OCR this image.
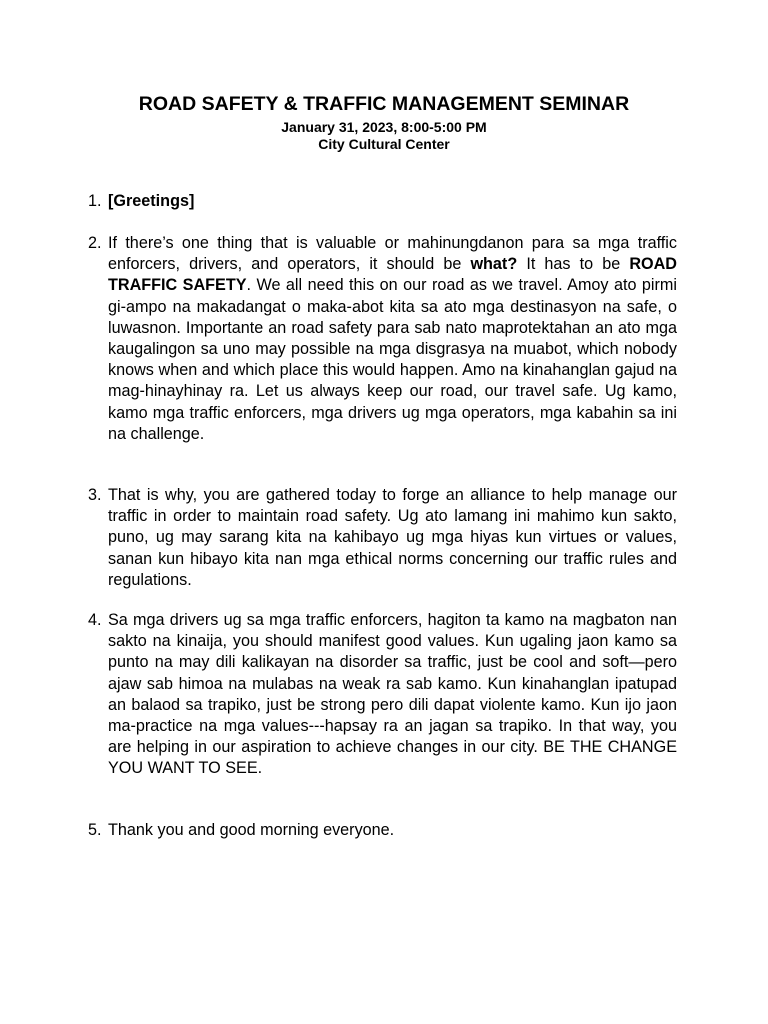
ROAD SAFETY & TRAFFIC MANAGEMENT SEMINAR

January 31, 2023, 8:00-5:00 PM

City Cultural Center

1. [Greetings]
2. If there’s one thing that is valuable or mahinungdanon para sa mga traffic enforcers, drivers, and operators, it should be what? It has to be ROAD TRAFFIC SAFETY. We all need this on our road as we travel. Amoy ato pirmi gi-ampo na makadangat o maka-abot kita sa ato mga destinasyon na safe, o luwasnon. Importante an road safety para sab nato maprotektahan an ato mga kaugalingon sa uno may possible na mga disgrasya na muabot, which nobody knows when and which place this would happen. Amo na kinahanglan gajud na mag-hinayhinay ra. Let us always keep our road, our travel safe. Ug kamo, kamo mga traffic enforcers, mga drivers ug mga operators, mga kabahin sa ini na challenge.
3. That is why, you are gathered today to forge an alliance to help manage our traffic in order to maintain road safety. Ug ato lamang ini mahimo kun sakto, puno, ug may sarang kita na kahibayo ug mga hiyas kun virtues or values, sanan kun hibayo kita nan mga ethical norms concerning our traffic rules and regulations.
4. Sa mga drivers ug sa mga traffic enforcers, hagiton ta kamo na magbaton nan sakto na kinaija, you should manifest good values. Kun ugaling jaon kamo sa punto na may dili kalikayan na disorder sa traffic, just be cool and soft—pero ajaw sab himoa na mulabas na weak ra sab kamo. Kun kinahanglan ipatupad an balaod sa trapiko, just be strong pero dili dapat violente kamo. Kun ijo jaon ma-practice na mga values---hapsay ra an jagan sa trapiko. In that way, you are helping in our aspiration to achieve changes in our city. BE THE CHANGE YOU WANT TO SEE.
5. Thank you and good morning everyone.
